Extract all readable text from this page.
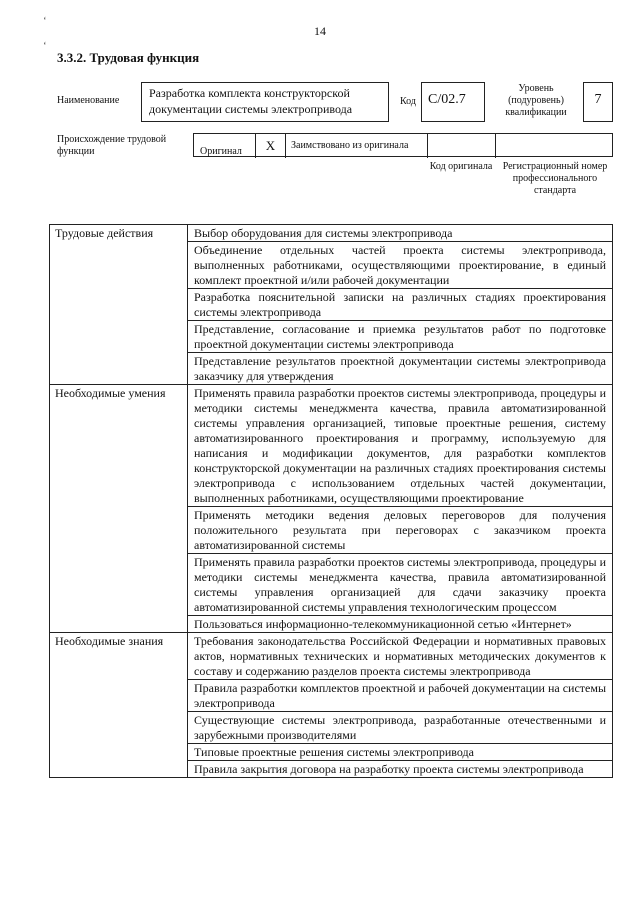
‘
‘
14
3.3.2. Трудовая функция
Наименование
Разработка комплекта конструкторской документации системы электропривода
Код С/02.7
Уровень (подуровень) квалификации
7
Происхождение трудовой функции	Оригинал	X	Заимствовано из оригинала
Код оригинала Регистрационный номер профессионального стандарта
Трудовые действия	Выбор оборудования для системы электропривода
	Объединение отдельных частей проекта системы электропривода, выполненных работниками, осуществляющими проектирование, в единый комплект проектной и/или рабочей документации
	Разработка пояснительной записки на различных стадиях проектирования системы электропривода
	Представление, согласование и приемка результатов работ по подготовке проектной документации системы электропривода
	Представление результатов проектной документации системы электропривода заказчику для утверждения
Необходимые умения	Применять правила разработки проектов системы электропривода, процедуры и методики системы менеджмента качества, правила автоматизированной системы управления организацией, типовые проектные решения, систему автоматизированного проектирования и программу, используемую для написания и модификации документов, для разработки комплектов конструкторской документации на различных стадиях проектирования системы электропривода с использованием отдельных частей документации, выполненных работниками, осуществляющими проектирование
	Применять методики ведения деловых переговоров для получения положительного результата при переговорах с заказчиком проекта автоматизированной системы
	Применять правила разработки проектов системы электропривода, процедуры и методики системы менеджмента качества, правила автоматизированной системы управления организацией для сдачи заказчику проекта автоматизированной системы управления технологическим процессом
	Пользоваться информационно-телекоммуникационной сетью «Интернет»
Необходимые знания	Требования законодательства Российской Федерации и нормативных правовых актов, нормативных технических и нормативных методических документов к составу и содержанию разделов проекта системы электропривода
	Правила разработки комплектов проектной и рабочей документации на системы электропривода
	Существующие системы электропривода, разработанные отечественными и зарубежными производителями
	Типовые проектные решения системы электропривода
	Правила закрытия договора на разработку проекта системы электропривода
